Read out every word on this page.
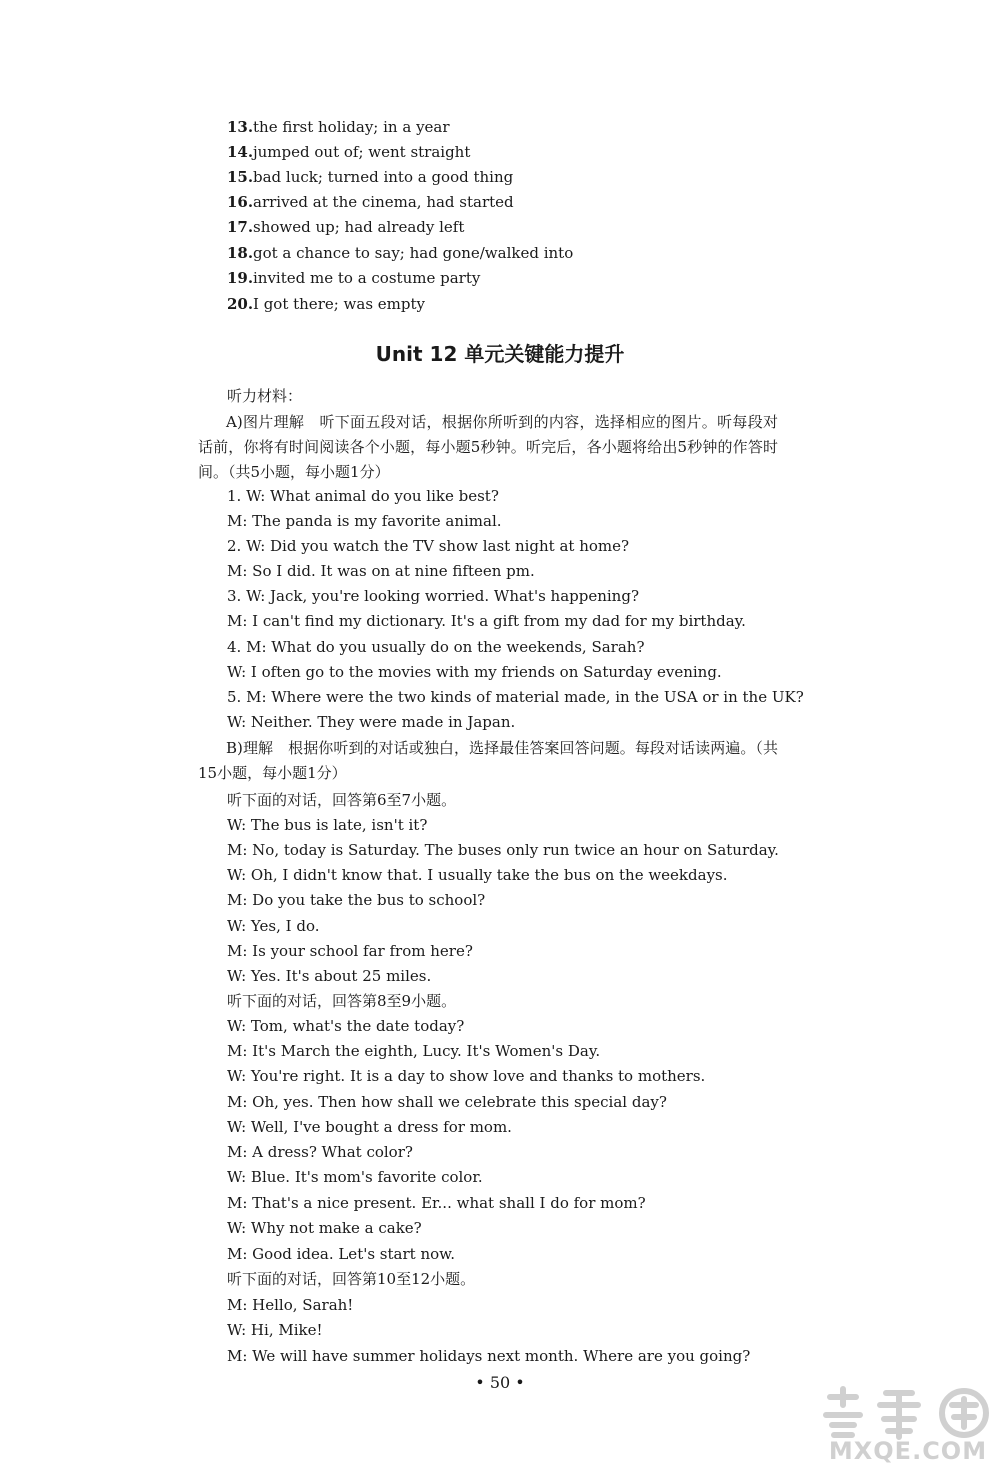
13.the first holiday; in a year
14.jumped out of; went straight
15.bad luck; turned into a good thing
16.arrived at the cinema, had started
17.showed up; had already left
18.got a chance to say; had gone/walked into
19.invited me to a costume party
20.I got there; was empty
Unit 12 单元关键能力提升
听力材料：
A)图片理解　听下面五段对话，根据你所听到的内容，选择相应的图片。听每段对话前，你将有时间阅读各个小题，每小题5秒钟。听完后，各小题将给出5秒钟的作答时间。（共5小题，每小题1分）
1. W: What animal do you like best?
M: The panda is my favorite animal.
2. W: Did you watch the TV show last night at home?
M: So I did. It was on at nine fifteen pm.
3. W: Jack, you're looking worried. What's happening?
M: I can't find my dictionary. It's a gift from my dad for my birthday.
4. M: What do you usually do on the weekends, Sarah?
W: I often go to the movies with my friends on Saturday evening.
5. M: Where were the two kinds of material made, in the USA or in the UK?
W: Neither. They were made in Japan.
B)理解　根据你听到的对话或独白，选择最佳答案回答问题。每段对话读两遍。（共15小题，每小题1分）
听下面的对话，回答第6至7小题。
W: The bus is late, isn't it?
M: No, today is Saturday. The buses only run twice an hour on Saturday.
W: Oh, I didn't know that. I usually take the bus on the weekdays.
M: Do you take the bus to school?
W: Yes, I do.
M: Is your school far from here?
W: Yes. It's about 25 miles.
听下面的对话，回答第8至9小题。
W: Tom, what's the date today?
M: It's March the eighth, Lucy. It's Women's Day.
W: You're right. It is a day to show love and thanks to mothers.
M: Oh, yes. Then how shall we celebrate this special day?
W: Well, I've bought a dress for mom.
M: A dress? What color?
W: Blue. It's mom's favorite color.
M: That's a nice present. Er... what shall I do for mom?
W: Why not make a cake?
M: Good idea. Let's start now.
听下面的对话，回答第10至12小题。
M: Hello, Sarah!
W: Hi, Mike!
M: We will have summer holidays next month. Where are you going?
• 50 •
MXQE.COM
